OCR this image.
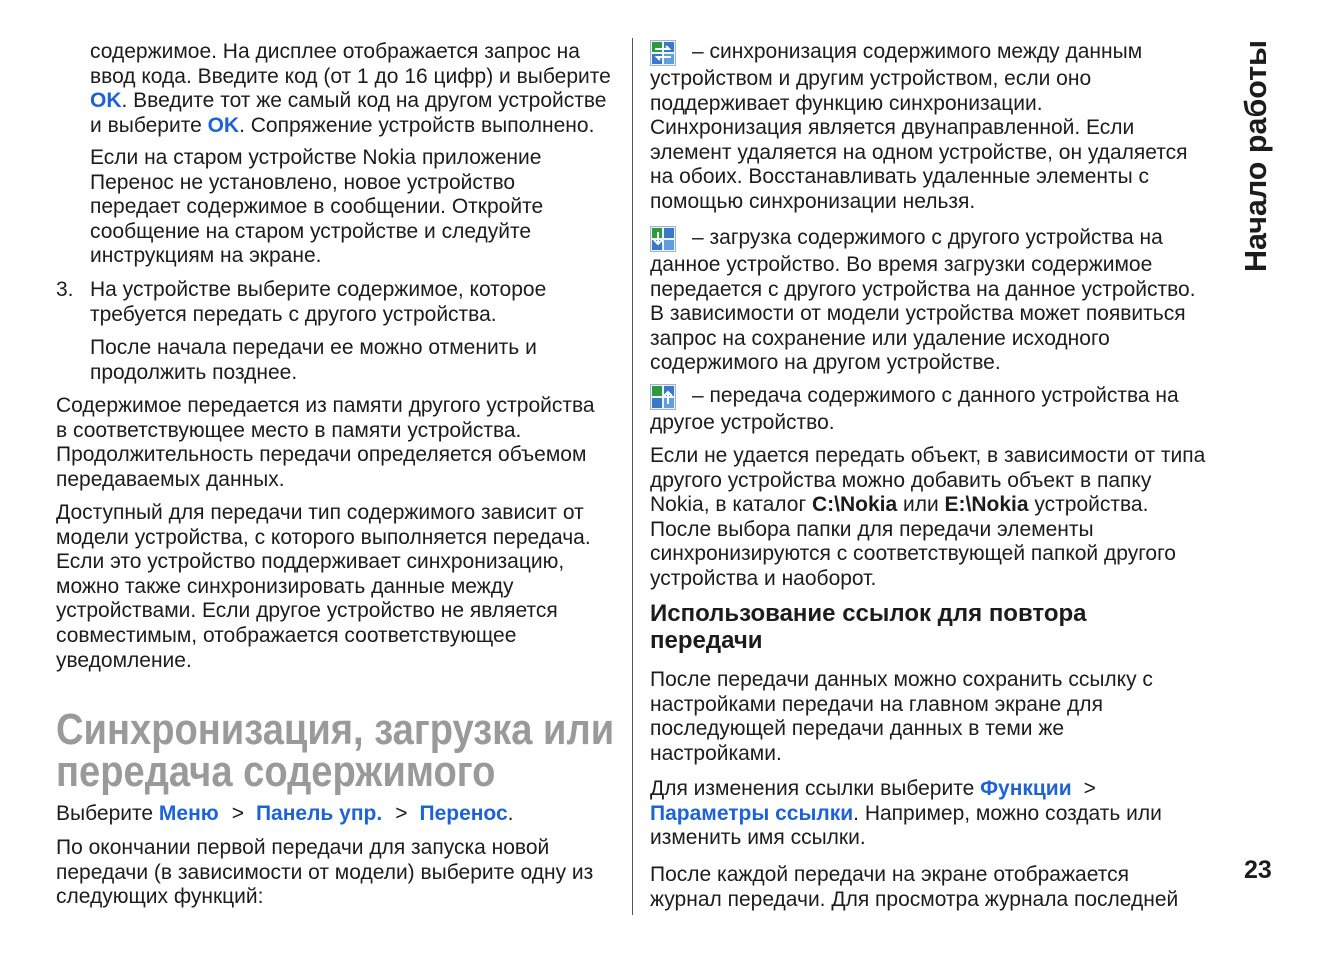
содержимое. На дисплее отображается запрос на
ввод кода. Введите код (от 1 до 16 цифр) и выберите
OK. Введите тот же самый код на другом устройстве
и выберите OK. Сопряжение устройств выполнено.
Если на старом устройстве Nokia приложение
Перенос не установлено, новое устройство
передает содержимое в сообщении. Откройте
сообщение на старом устройстве и следуйте
инструкциям на экране.
3. На устройстве выберите содержимое, которое
требуется передать с другого устройства.
После начала передачи ее можно отменить и
продолжить позднее.
Содержимое передается из памяти другого устройства
в соответствующее место в памяти устройства.
Продолжительность передачи определяется объемом
передаваемых данных.
Доступный для передачи тип содержимого зависит от
модели устройства, с которого выполняется передача.
Если это устройство поддерживает синхронизацию,
можно также синхронизировать данные между
устройствами. Если другое устройство не является
совместимым, отображается соответствующее
уведомление.
Синхронизация, загрузка или
передача содержимого
Выберите Меню > Панель упр. > Перенос.
По окончании первой передачи для запуска новой
передачи (в зависимости от модели) выберите одну из
следующих функций:
– синхронизация содержимого между данным
устройством и другим устройством, если оно
поддерживает функцию синхронизации.
Синхронизация является двунаправленной. Если
элемент удаляется на одном устройстве, он удаляется
на обоих. Восстанавливать удаленные элементы с
помощью синхронизации нельзя.
– загрузка содержимого с другого устройства на
данное устройство. Во время загрузки содержимое
передается с другого устройства на данное устройство.
В зависимости от модели устройства может появиться
запрос на сохранение или удаление исходного
содержимого на другом устройстве.
– передача содержимого с данного устройства на
другое устройство.
Если не удается передать объект, в зависимости от типа
другого устройства можно добавить объект в папку
Nokia, в каталог C:\Nokia или E:\Nokia устройства.
После выбора папки для передачи элементы
синхронизируются с соответствующей папкой другого
устройства и наоборот.
Использование ссылок для повтора
передачи
После передачи данных можно сохранить ссылку с
настройками передачи на главном экране для
последующей передачи данных в теми же
настройками.
Для изменения ссылки выберите Функции >
Параметры ссылки. Например, можно создать или
изменить имя ссылки.
После каждой передачи на экране отображается
журнал передачи. Для просмотра журнала последней
Начало работы
23
